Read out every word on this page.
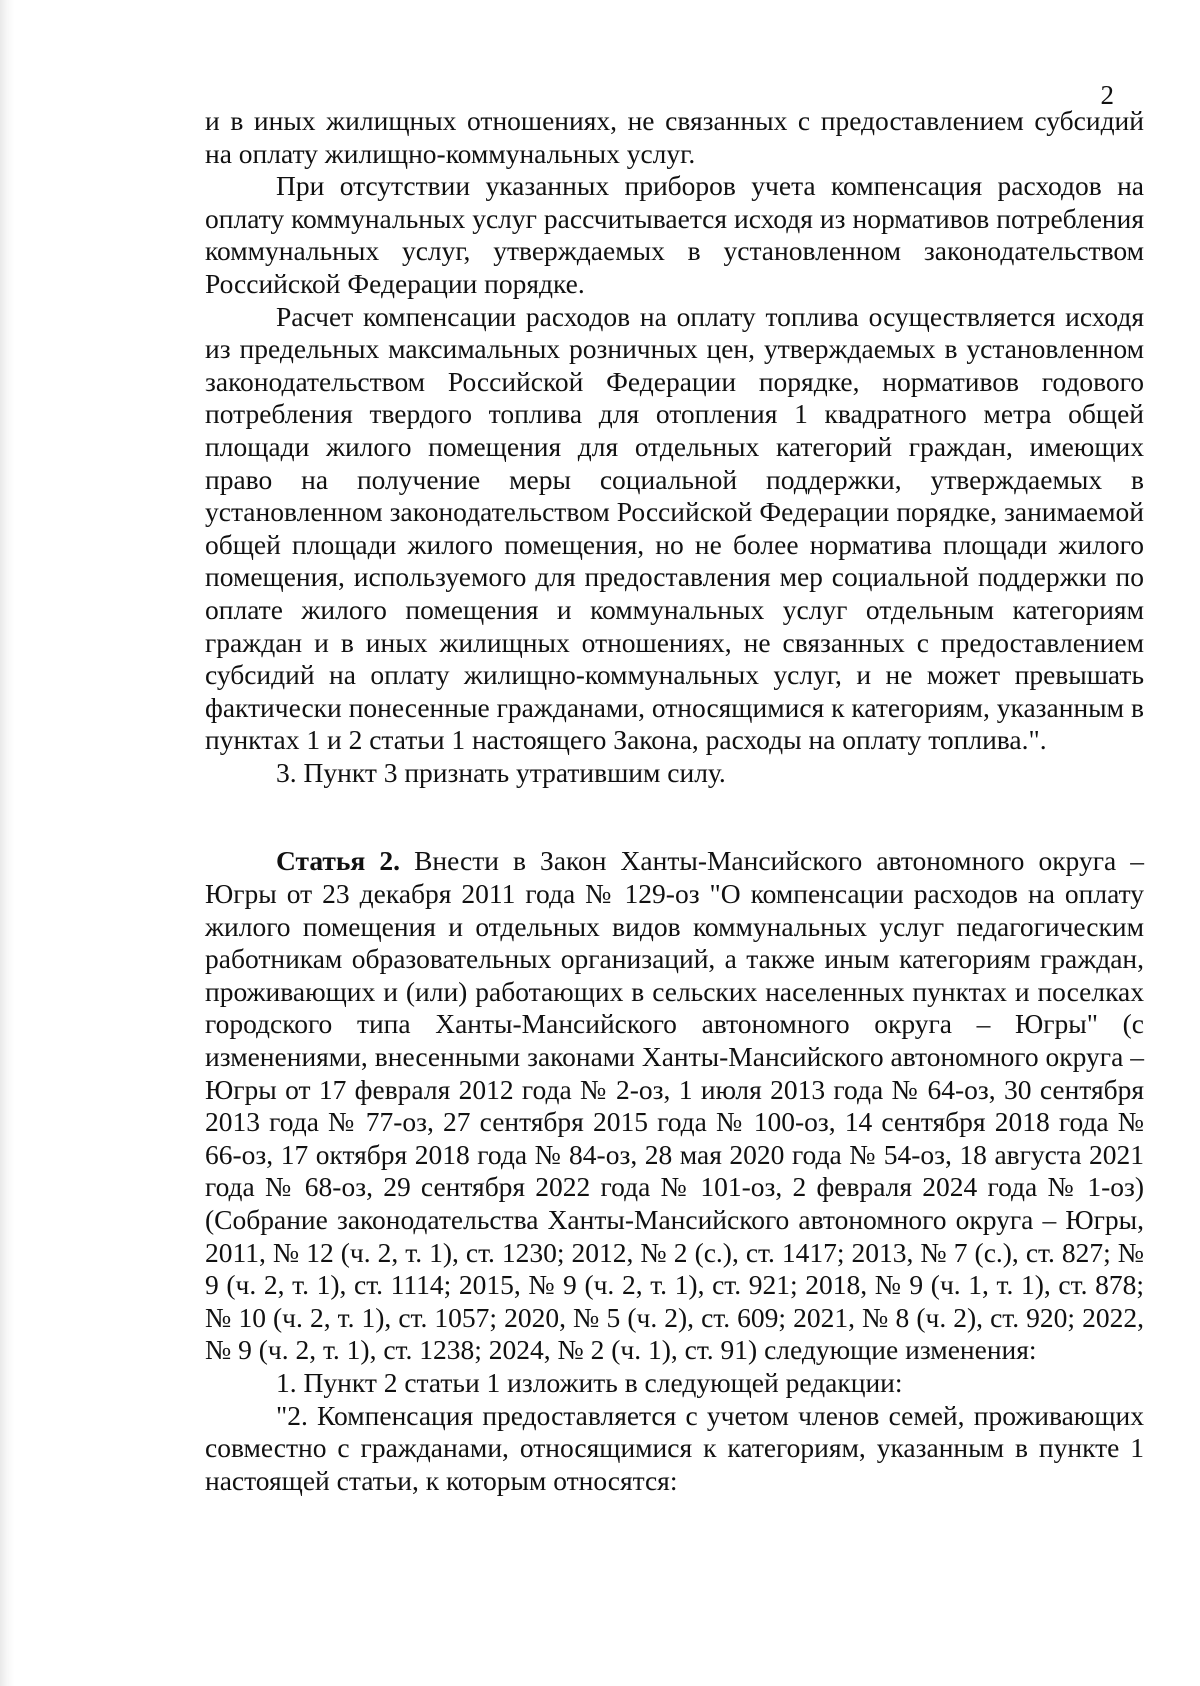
2

и в иных жилищных отношениях, не связанных с предоставлением субсидий на оплату жилищно-коммунальных услуг.

При отсутствии указанных приборов учета компенсация расходов на оплату коммунальных услуг рассчитывается исходя из нормативов потребления коммунальных услуг, утверждаемых в установленном законодательством Российской Федерации порядке.

Расчет компенсации расходов на оплату топлива осуществляется исходя из предельных максимальных розничных цен, утверждаемых в установленном законодательством Российской Федерации порядке, нормативов годового потребления твердого топлива для отопления 1 квадратного метра общей площади жилого помещения для отдельных категорий граждан, имеющих право на получение меры социальной поддержки, утверждаемых в установленном законодательством Российской Федерации порядке, занимаемой общей площади жилого помещения, но не более норматива площади жилого помещения, используемого для предоставления мер социальной поддержки по оплате жилого помещения и коммунальных услуг отдельным категориям граждан и в иных жилищных отношениях, не связанных с предоставлением субсидий на оплату жилищно-коммунальных услуг, и не может превышать фактически понесенные гражданами, относящимися к категориям, указанным в пунктах 1 и 2 статьи 1 настоящего Закона, расходы на оплату топлива.".

3. Пункт 3 признать утратившим силу.

Статья 2. Внести в Закон Ханты-Мансийского автономного округа – Югры от 23 декабря 2011 года № 129-оз "О компенсации расходов на оплату жилого помещения и отдельных видов коммунальных услуг педагогическим работникам образовательных организаций, а также иным категориям граждан, проживающих и (или) работающих в сельских населенных пунктах и поселках городского типа Ханты-Мансийского автономного округа – Югры" (с изменениями, внесенными законами Ханты-Мансийского автономного округа – Югры от 17 февраля 2012 года № 2-оз, 1 июля 2013 года № 64-оз, 30 сентября 2013 года № 77-оз, 27 сентября 2015 года № 100-оз, 14 сентября 2018 года № 66-оз, 17 октября 2018 года № 84-оз, 28 мая 2020 года № 54-оз, 18 августа 2021 года № 68-оз, 29 сентября 2022 года № 101-оз, 2 февраля 2024 года № 1-оз) (Собрание законодательства Ханты-Мансийского автономного округа – Югры, 2011, № 12 (ч. 2, т. 1), ст. 1230; 2012, № 2 (с.), ст. 1417; 2013, № 7 (с.), ст. 827; № 9 (ч. 2, т. 1), ст. 1114; 2015, № 9 (ч. 2, т. 1), ст. 921; 2018, № 9 (ч. 1, т. 1), ст. 878; № 10 (ч. 2, т. 1), ст. 1057; 2020, № 5 (ч. 2), ст. 609; 2021, № 8 (ч. 2), ст. 920; 2022, № 9 (ч. 2, т. 1), ст. 1238; 2024, № 2 (ч. 1), ст. 91) следующие изменения:

1. Пункт 2 статьи 1 изложить в следующей редакции:

"2. Компенсация предоставляется с учетом членов семей, проживающих совместно с гражданами, относящимися к категориям, указанным в пункте 1 настоящей статьи, к которым относятся:
